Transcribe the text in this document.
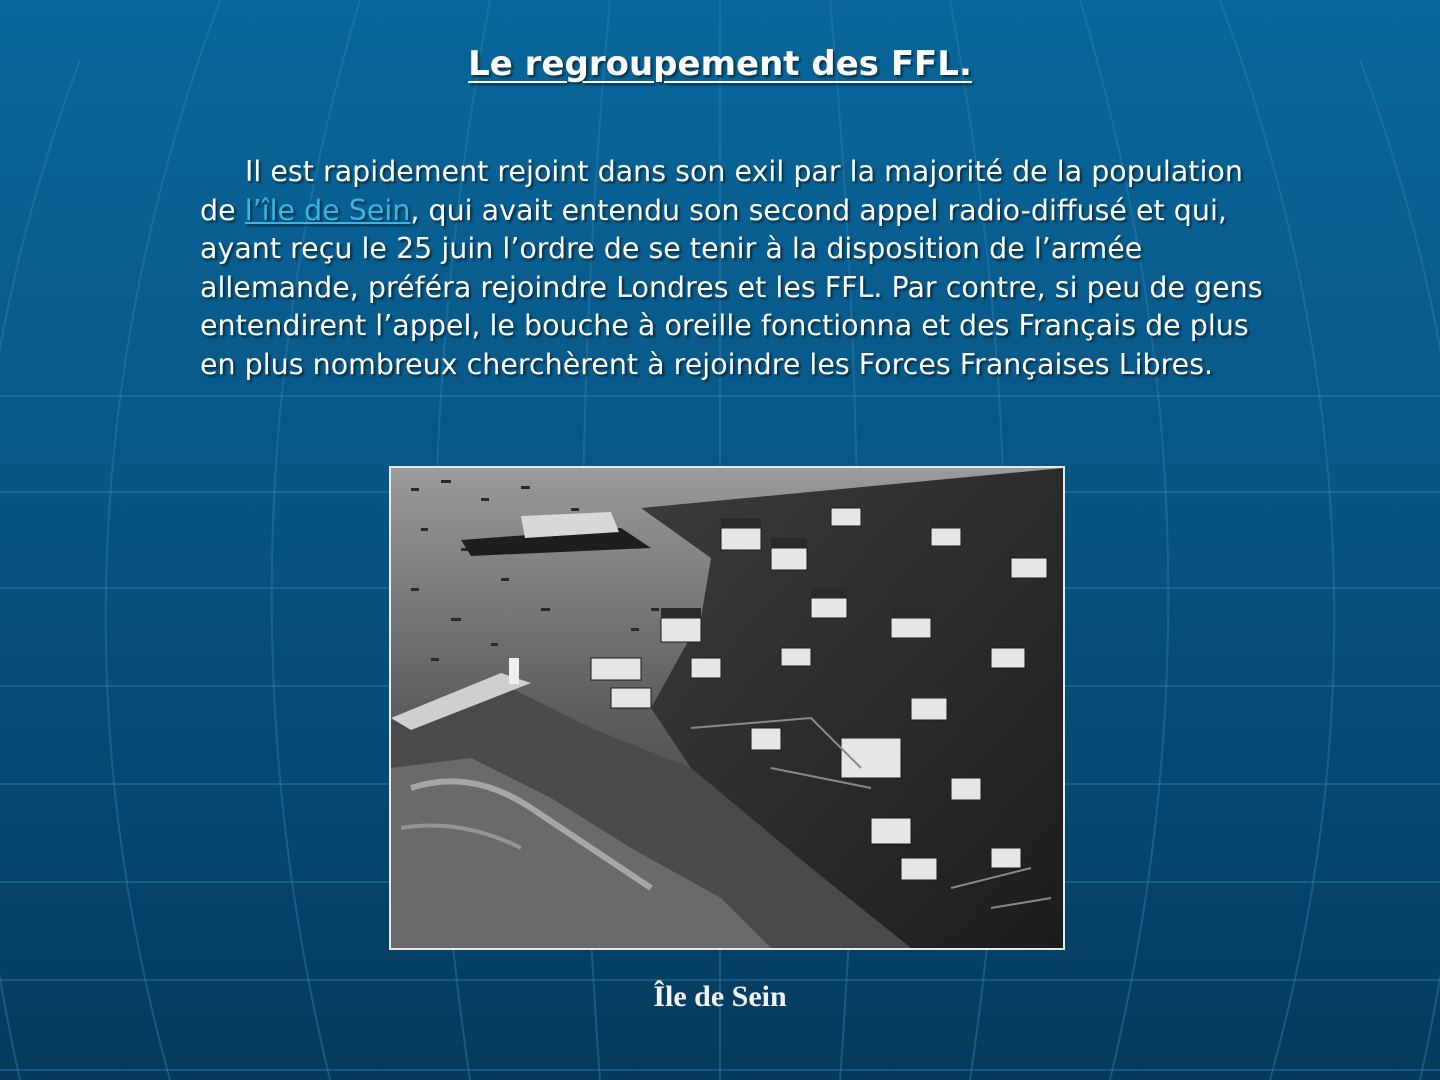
Le regroupement des FFL.

Il est rapidement rejoint dans son exil par la majorité de la population de l’île de Sein, qui avait entendu son second appel radio-diffusé et qui, ayant reçu le 25 juin l’ordre de se tenir à la disposition de l’armée allemande, préféra rejoindre Londres et les FFL. Par contre, si peu de gens entendirent l’appel, le bouche à oreille fonctionna et des Français de plus en plus nombreux cherchèrent à rejoindre les Forces Françaises Libres.

Île de Sein
